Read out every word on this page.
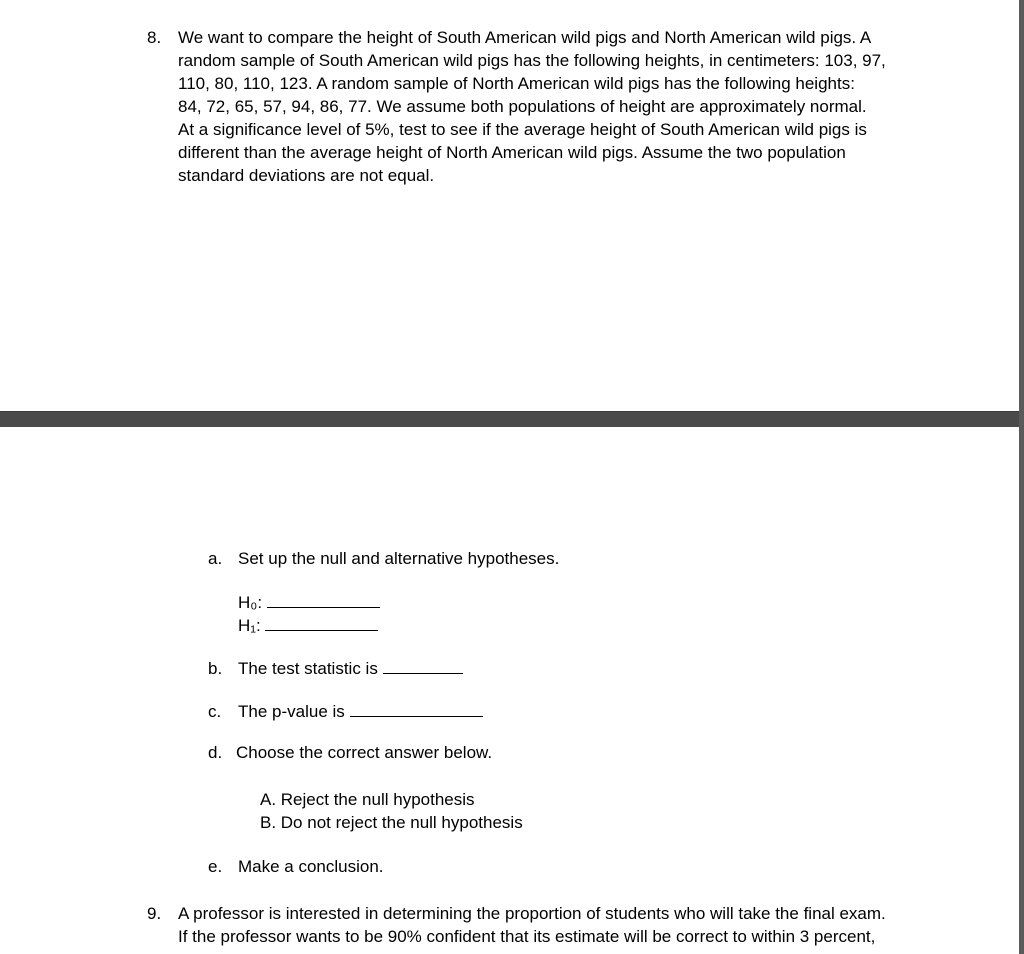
8. We want to compare the height of South American wild pigs and North American wild pigs. A
random sample of South American wild pigs has the following heights, in centimeters: 103, 97,
110, 80, 110, 123. A random sample of North American wild pigs has the following heights:
84, 72, 65, 57, 94, 86, 77. We assume both populations of height are approximately normal.
At a significance level of 5%, test to see if the average height of South American wild pigs is
different than the average height of North American wild pigs. Assume the two population
standard deviations are not equal.
a. Set up the null and alternative hypotheses.
H₀:
H₁:
b. The test statistic is
c. The p-value is
d. Choose the correct answer below.
A. Reject the null hypothesis
B. Do not reject the null hypothesis
e. Make a conclusion.
9. A professor is interested in determining the proportion of students who will take the final exam.
If the professor wants to be 90% confident that its estimate will be correct to within 3 percent,
